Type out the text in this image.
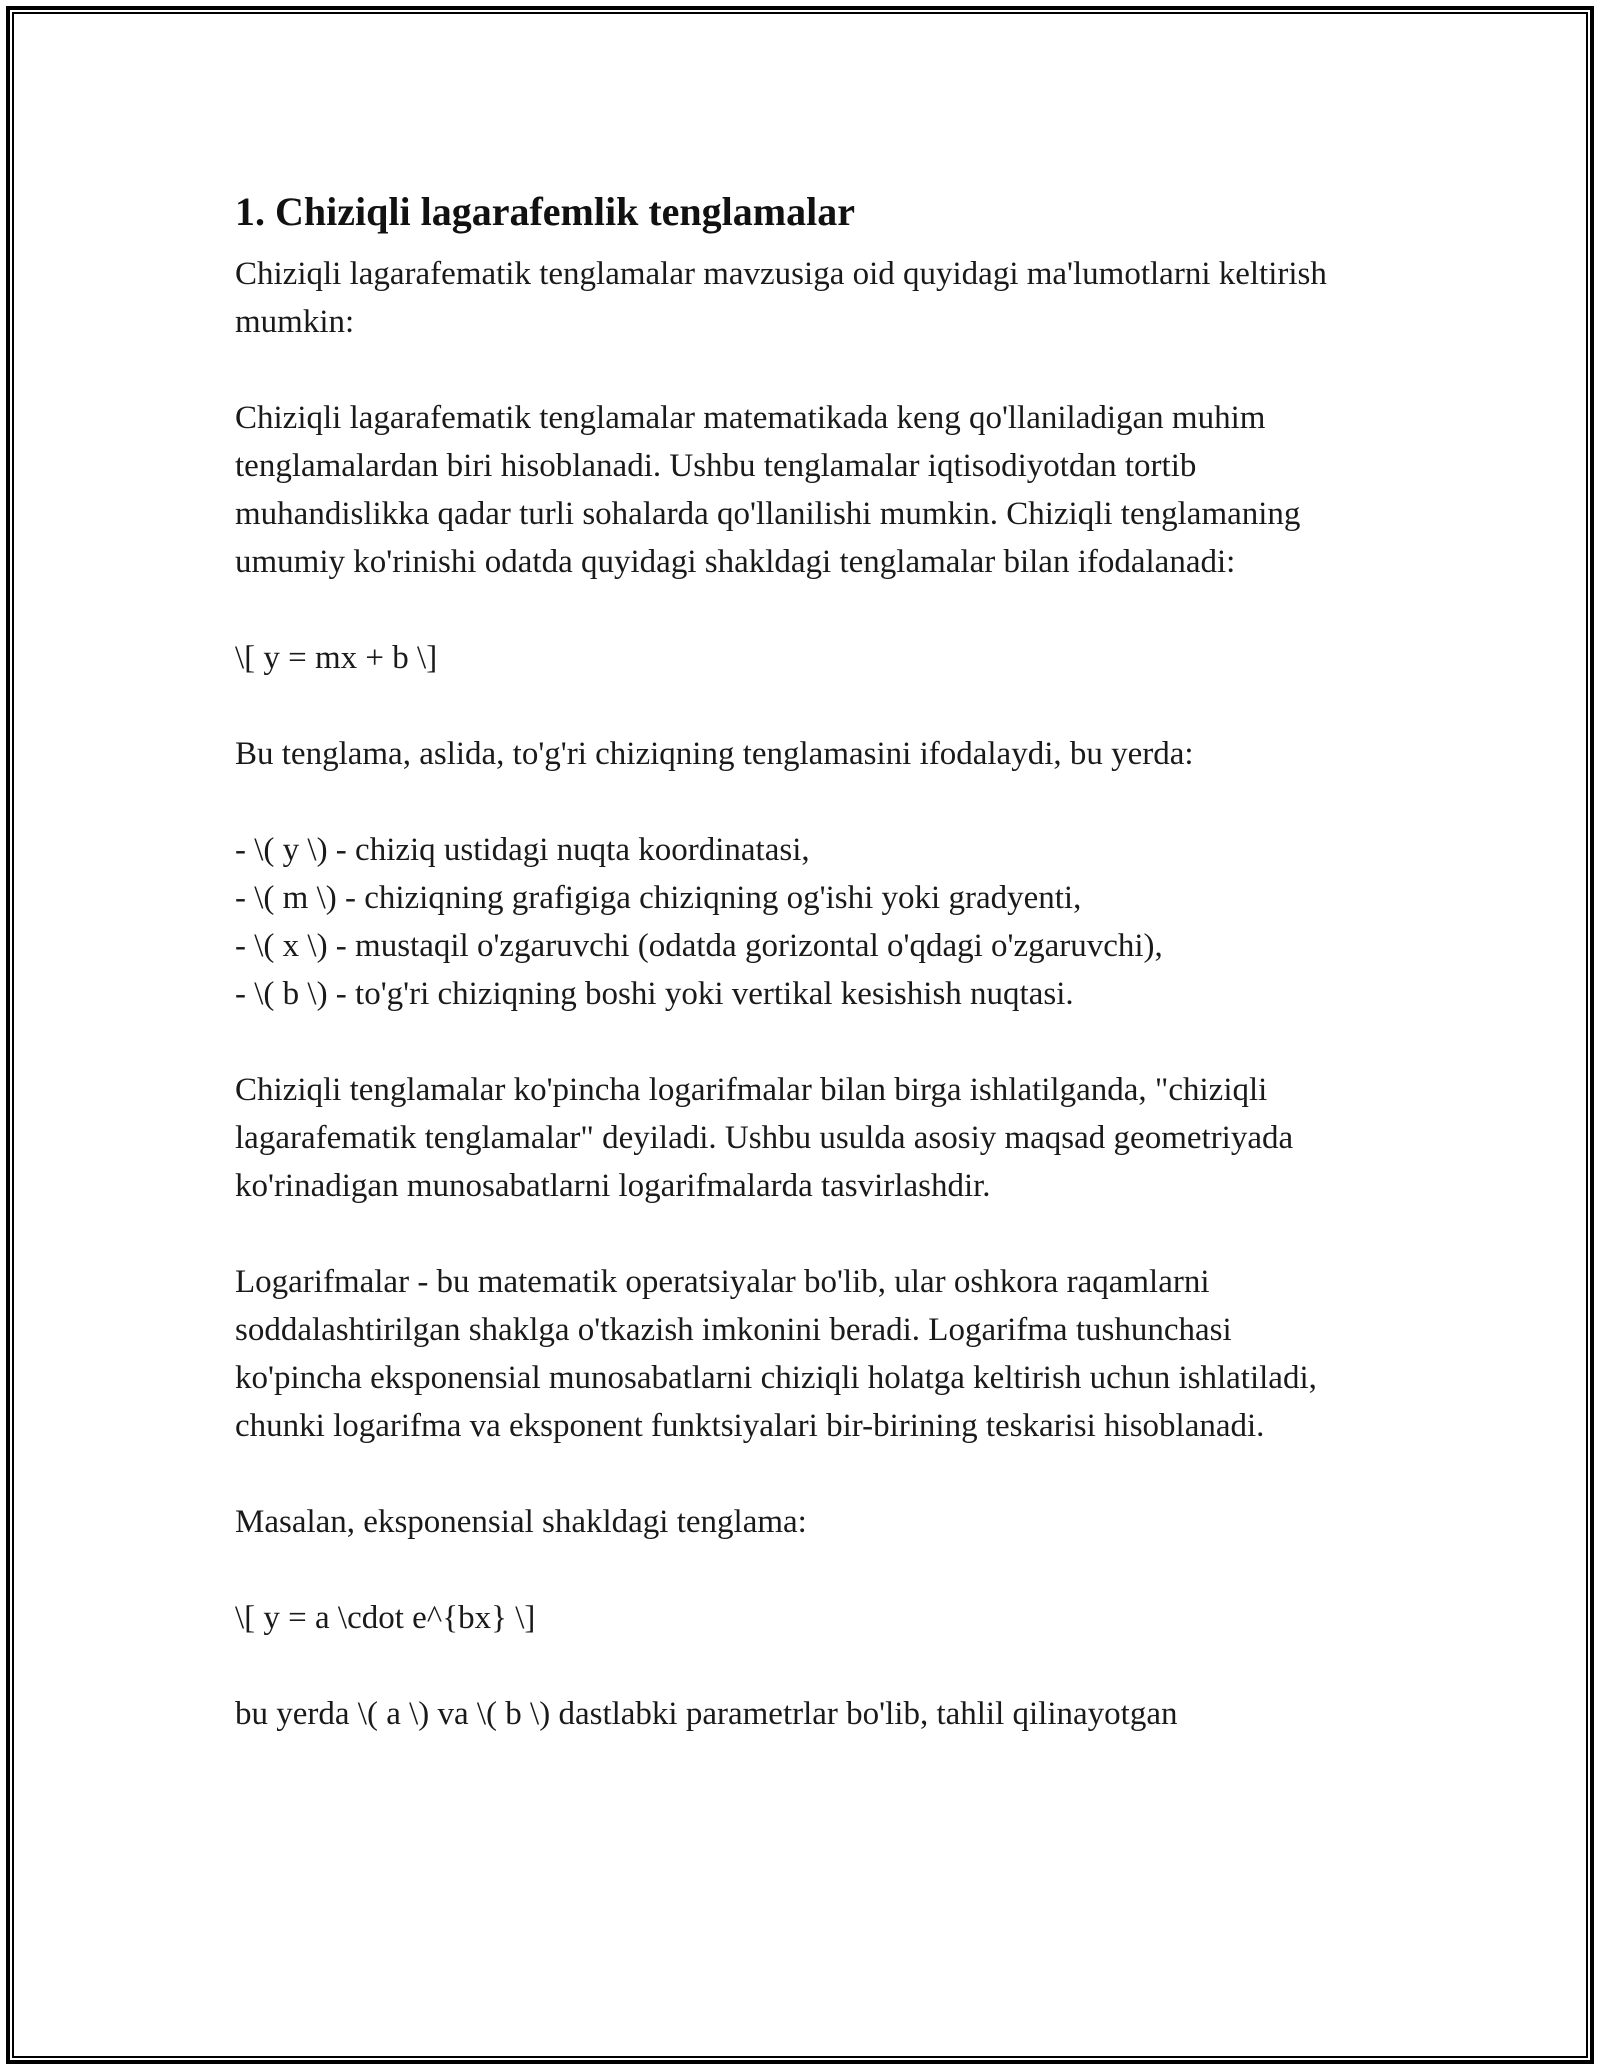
1. Chiziqli lagarafemlik tenglamalar

Chiziqli lagarafematik tenglamalar mavzusiga oid quyidagi ma'lumotlarni keltirish mumkin:

Chiziqli lagarafematik tenglamalar matematikada keng qo'llaniladigan muhim tenglamalardan biri hisoblanadi. Ushbu tenglamalar iqtisodiyotdan tortib muhandislikka qadar turli sohalarda qo'llanilishi mumkin. Chiziqli tenglamaning umumiy ko'rinishi odatda quyidagi shakldagi tenglamalar bilan ifodalanadi:

\[ y = mx + b \]

Bu tenglama, aslida, to'g'ri chiziqning tenglamasini ifodalaydi, bu yerda:

- \( y \) - chiziq ustidagi nuqta koordinatasi,
- \( m \) - chiziqning grafigiga chiziqning og'ishi yoki gradyenti,
- \( x \) - mustaqil o'zgaruvchi (odatda gorizontal o'qdagi o'zgaruvchi),
- \( b \) - to'g'ri chiziqning boshi yoki vertikal kesishish nuqtasi.

Chiziqli tenglamalar ko'pincha logarifmalar bilan birga ishlatilganda, "chiziqli lagarafematik tenglamalar" deyiladi. Ushbu usulda asosiy maqsad geometriyada ko'rinadigan munosabatlarni logarifmalarda tasvirlashdir.

Logarifmalar - bu matematik operatsiyalar bo'lib, ular oshkora raqamlarni soddalashtirilgan shaklga o'tkazish imkonini beradi. Logarifma tushunchasi ko'pincha eksponensial munosabatlarni chiziqli holatga keltirish uchun ishlatiladi, chunki logarifma va eksponent funktsiyalari bir-birining teskarisi hisoblanadi.

Masalan, eksponensial shakldagi tenglama:

\[ y = a \cdot e^{bx} \]

bu yerda \( a \) va \( b \) dastlabki parametrlar bo'lib, tahlil qilinayotgan
